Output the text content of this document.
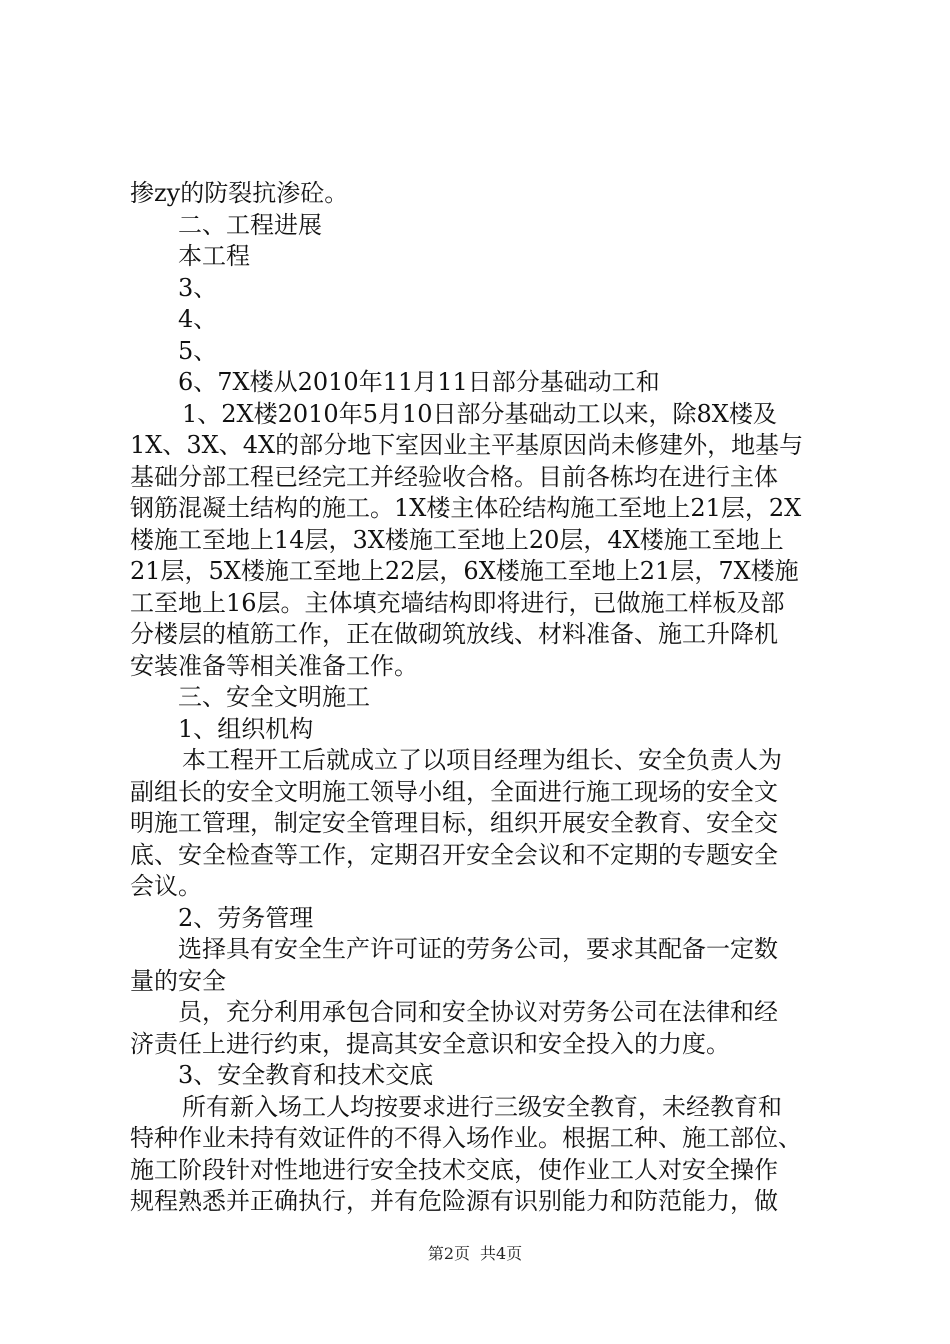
掺zy的防裂抗渗砼。
二、工程进展
本工程
3、
4、
5、
6、7X楼从2010年11月11日部分基础动工和
1、2X楼2010年5月10日部分基础动工以来，除8X楼及
1X、3X、4X的部分地下室因业主平基原因尚未修建外，地基与
基础分部工程已经完工并经验收合格。目前各栋均在进行主体
钢筋混凝土结构的施工。1X楼主体砼结构施工至地上21层，2X
楼施工至地上14层，3X楼施工至地上20层，4X楼施工至地上
21层，5X楼施工至地上22层，6X楼施工至地上21层，7X楼施
工至地上16层。主体填充墙结构即将进行，已做施工样板及部
分楼层的植筋工作，正在做砌筑放线、材料准备、施工升降机
安装准备等相关准备工作。
三、安全文明施工
1、组织机构
本工程开工后就成立了以项目经理为组长、安全负责人为
副组长的安全文明施工领导小组，全面进行施工现场的安全文
明施工管理，制定安全管理目标，组织开展安全教育、安全交
底、安全检查等工作，定期召开安全会议和不定期的专题安全
会议。
2、劳务管理
选择具有安全生产许可证的劳务公司，要求其配备一定数
量的安全
员，充分利用承包合同和安全协议对劳务公司在法律和经
济责任上进行约束，提高其安全意识和安全投入的力度。
3、安全教育和技术交底
所有新入场工人均按要求进行三级安全教育，未经教育和
特种作业未持有效证件的不得入场作业。根据工种、施工部位、
施工阶段针对性地进行安全技术交底，使作业工人对安全操作
规程熟悉并正确执行，并有危险源有识别能力和防范能力，做
第2页 共4页
